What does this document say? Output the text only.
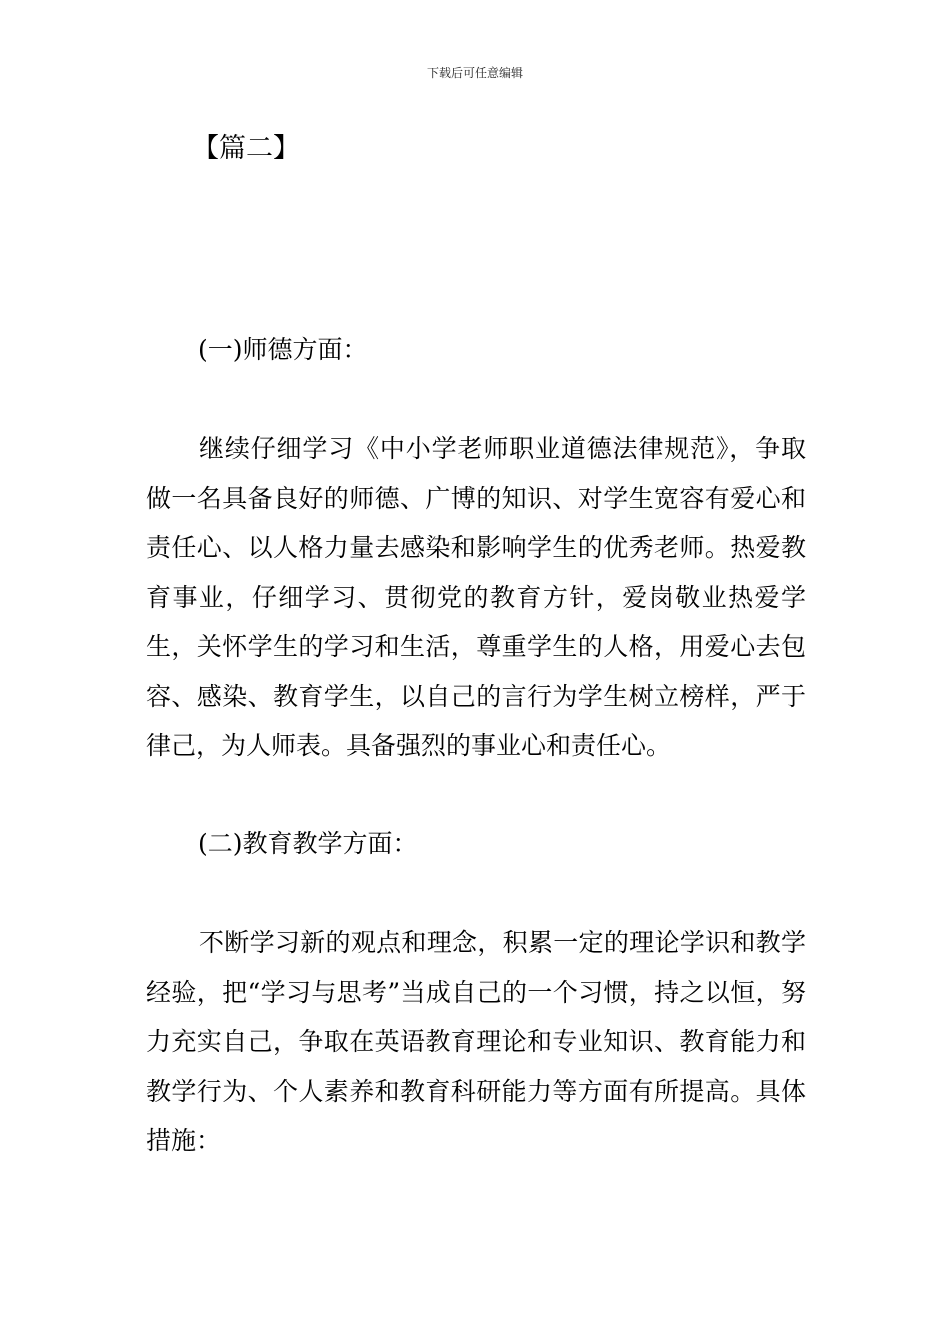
下载后可任意编辑
【篇二】
(一)师德方面：

继续仔细学习《中小学老师职业道德法律规范》，争取做一名具备良好的师德、广博的知识、对学生宽容有爱心和责任心、以人格力量去感染和影响学生的优秀老师。热爱教育事业，仔细学习、贯彻党的教育方针，爱岗敬业热爱学生，关怀学生的学习和生活，尊重学生的人格，用爱心去包容、感染、教育学生，以自己的言行为学生树立榜样，严于律己，为人师表。具备强烈的事业心和责任心。

(二)教育教学方面：

不断学习新的观点和理念，积累一定的理论学识和教学经验，把“学习与思考”当成自己的一个习惯，持之以恒，努力充实自己，争取在英语教育理论和专业知识、教育能力和教学行为、个人素养和教育科研能力等方面有所提高。具体措施：
